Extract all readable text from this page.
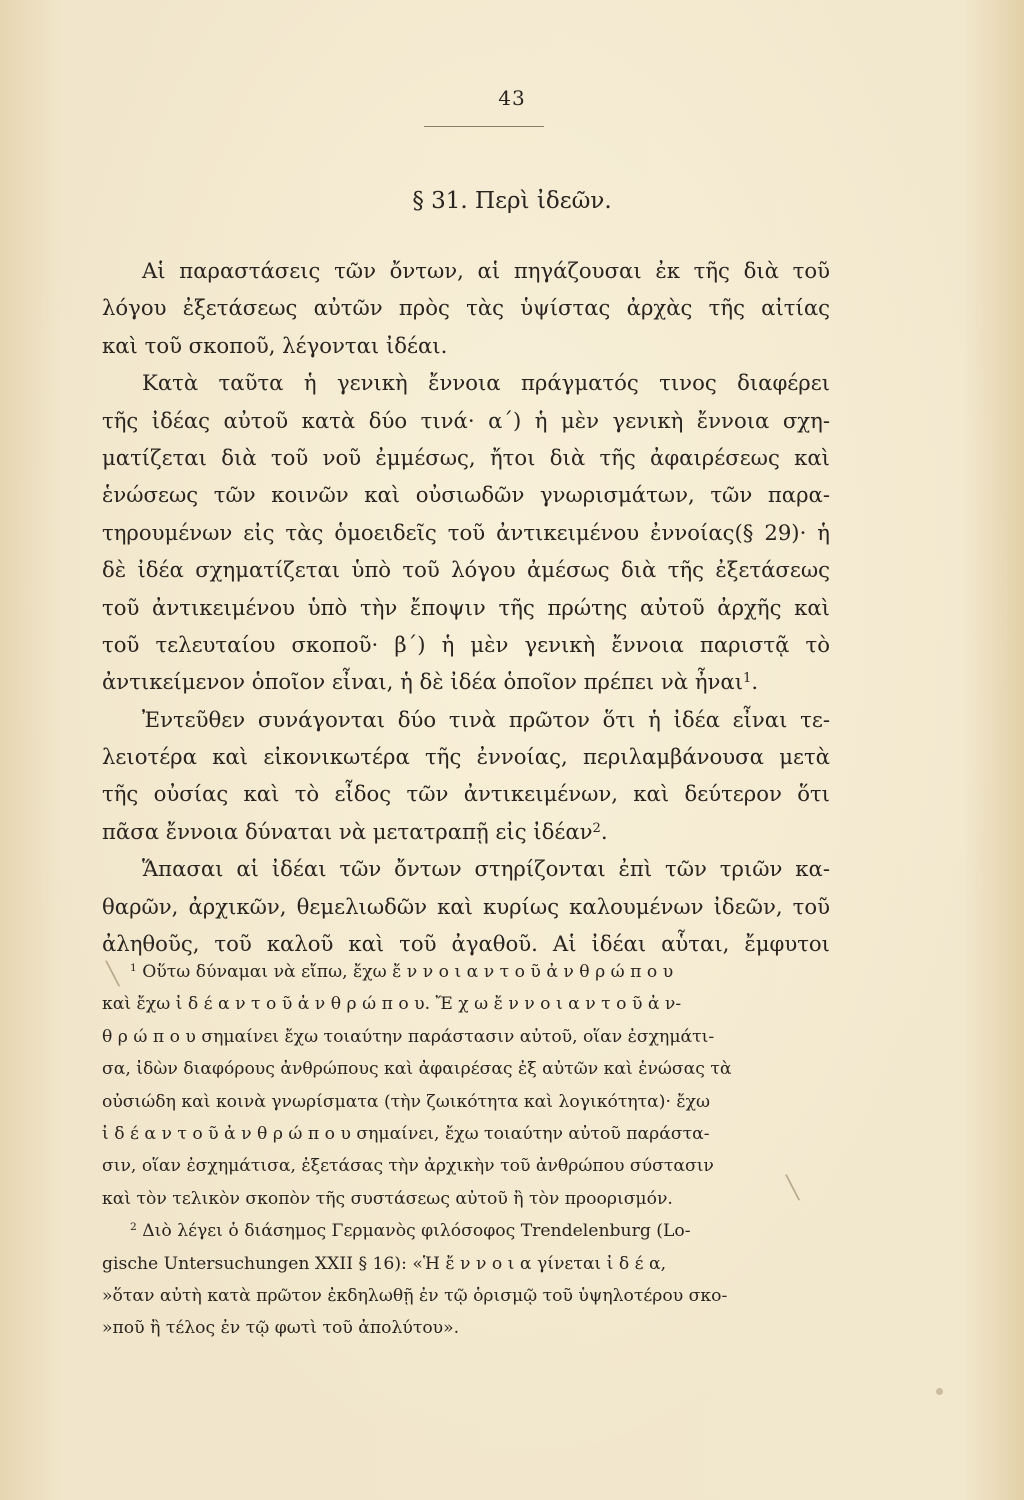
43
§ 31. Περὶ ἰδεῶν.
Αἱ παραστάσεις τῶν ὄντων, αἱ πηγάζουσαι ἐκ τῆς διὰ τοῦ
λόγου ἐξετάσεως αὐτῶν πρὸς τὰς ὑψίστας ἀρχὰς τῆς αἰτίας
καὶ τοῦ σκοποῦ, λέγονται ἰδέαι.
Κατὰ ταῦτα ἡ γενικὴ ἔννοια πράγματός τινος διαφέρει
τῆς ἰδέας αὐτοῦ κατὰ δύο τινά· α´) ἡ μὲν γενικὴ ἔννοια σχη-
ματίζεται διὰ τοῦ νοῦ ἐμμέσως, ἤτοι διὰ τῆς ἀφαιρέσεως καὶ
ἑνώσεως τῶν κοινῶν καὶ οὐσιωδῶν γνωρισμάτων, τῶν παρα-
τηρουμένων εἰς τὰς ὁμοειδεῖς τοῦ ἀντικειμένου ἐννοίας(§ 29)· ἡ
δὲ ἰδέα σχηματίζεται ὑπὸ τοῦ λόγου ἀμέσως διὰ τῆς ἐξετάσεως
τοῦ ἀντικειμένου ὑπὸ τὴν ἔποψιν τῆς πρώτης αὐτοῦ ἀρχῆς καὶ
τοῦ τελευταίου σκοποῦ· β´) ἡ μὲν γενικὴ ἔννοια παριστᾷ τὸ
ἀντικείμενον ὁποῖον εἶναι, ἡ δὲ ἰδέα ὁποῖον πρέπει νὰ ἦναι$^1$.
Ἐντεῦθεν συνάγονται δύο τινὰ πρῶτον ὅτι ἡ ἰδέα εἶναι τε-
λειοτέρα καὶ εἰκονικωτέρα τῆς ἐννοίας, περιλαμβάνουσα μετὰ
τῆς οὐσίας καὶ τὸ εἶδος τῶν ἀντικειμένων, καὶ δεύτερον ὅτι
πᾶσα ἔννοια δύναται νὰ μετατραπῇ εἰς ἰδέαν$^2$.
Ἅπασαι αἱ ἰδέαι τῶν ὄντων στηρίζονται ἐπὶ τῶν τριῶν κα-
θαρῶν, ἀρχικῶν, θεμελιωδῶν καὶ κυρίως καλουμένων ἰδεῶν, τοῦ
ἀληθοῦς, τοῦ καλοῦ καὶ τοῦ ἀγαθοῦ. Αἱ ἰδέαι αὗται, ἔμφυτοι
$^1$ Οὕτω δύναμαι νὰ εἴπω, ἔχω ἔ ν ν ο ι α ν τ ο ῦ ἀ ν θ ρ ώ π ο υ
καὶ ἔχω ἰ δ έ α ν τ ο ῦ ἀ ν θ ρ ώ π ο υ. Ἔ χ ω ἔ ν ν ο ι α ν τ ο ῦ ἀ ν-
θ ρ ώ π ο υ σημαίνει ἔχω τοιαύτην παράστασιν αὐτοῦ, οἵαν ἐσχημάτι-
σα, ἰδὼν διαφόρους ἀνθρώπους καὶ ἀφαιρέσας ἐξ αὐτῶν καὶ ἑνώσας τὰ
οὐσιώδη καὶ κοινὰ γνωρίσματα (τὴν ζωικότητα καὶ λογικότητα)· ἔχω
ἰ δ έ α ν τ ο ῦ ἀ ν θ ρ ώ π ο υ σημαίνει, ἔχω τοιαύτην αὐτοῦ παράστα-
σιν, οἵαν ἐσχημάτισα, ἐξετάσας τὴν ἀρχικὴν τοῦ ἀνθρώπου σύστασιν
καὶ τὸν τελικὸν σκοπὸν τῆς συστάσεως αὐτοῦ ἢ τὸν προορισμόν.
$^2$ Διὸ λέγει ὁ διάσημος Γερμανὸς φιλόσοφος Trendelenburg (Lo-
gische Untersuchungen XXII § 16): «Ἡ ἔ ν ν ο ι α γίνεται ἰ δ έ α,
»ὅταν αὐτὴ κατὰ πρῶτον ἐκδηλωθῇ ἐν τῷ ὁρισμῷ τοῦ ὑψηλοτέρου σκο-
»ποῦ ἢ τέλος ἐν τῷ φωτὶ τοῦ ἀπολύτου».
╲
╲
